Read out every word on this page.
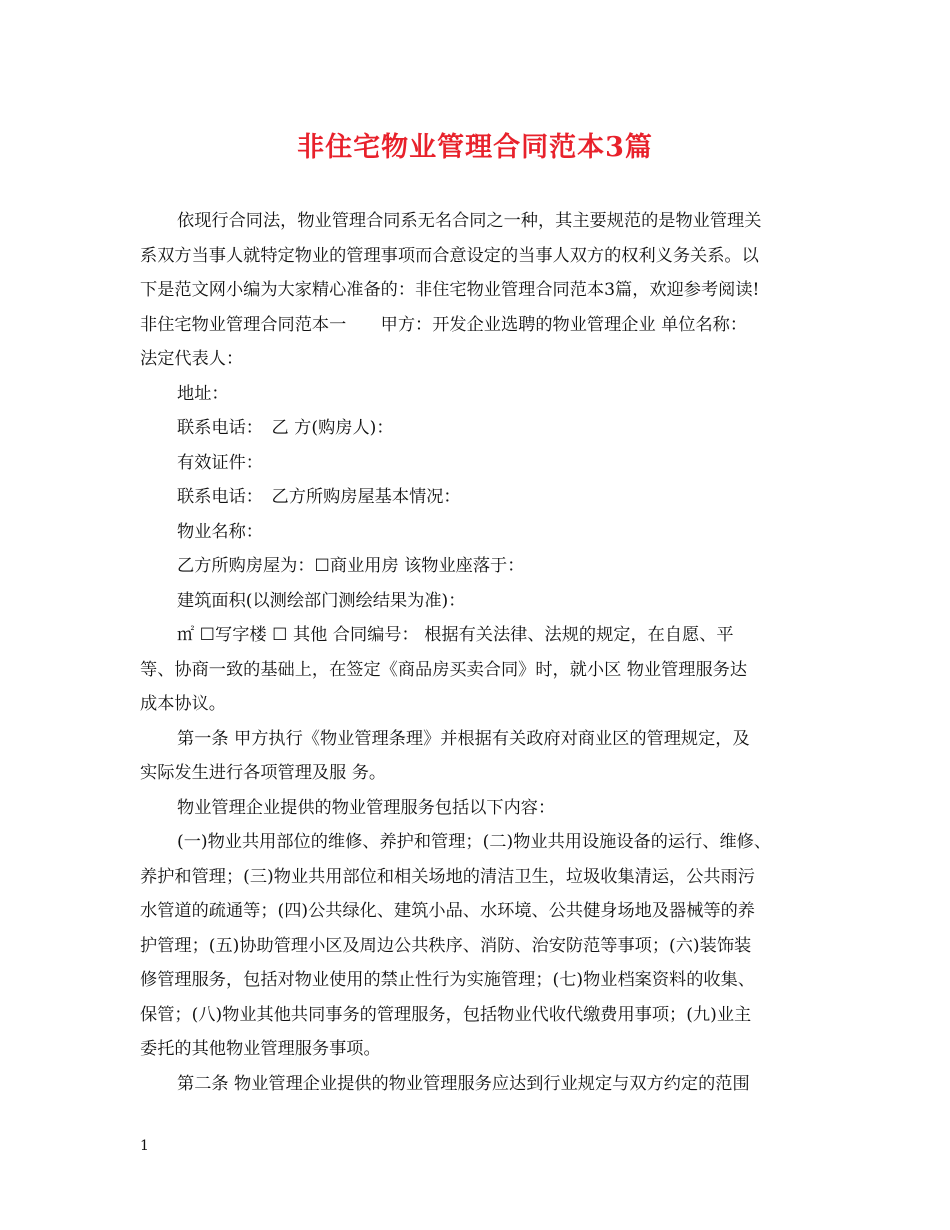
非住宅物业管理合同范本3篇
依现行合同法，物业管理合同系无名合同之一种，其主要规范的是物业管理关
系双方当事人就特定物业的管理事项而合意设定的当事人双方的权利义务关系。以
下是范文网小编为大家精心准备的：非住宅物业管理合同范本3篇，欢迎参考阅读!
非住宅物业管理合同范本一　　甲方：开发企业选聘的物业管理企业 单位名称：
法定代表人：
地址：
联系电话：　乙 方(购房人)：
有效证件：
联系电话：　乙方所购房屋基本情况：
物业名称：
乙方所购房屋为：☐商业用房 该物业座落于：
建筑面积(以测绘部门测绘结果为准)：
㎡ ☐写字楼 ☐ 其他 合同编号： 根据有关法律、法规的规定，在自愿、平
等、协商一致的基础上，在签定《商品房买卖合同》时，就小区 物业管理服务达
成本协议。
第一条 甲方执行《物业管理条理》并根据有关政府对商业区的管理规定，及
实际发生进行各项管理及服 务。
物业管理企业提供的物业管理服务包括以下内容：
(一)物业共用部位的维修、养护和管理；(二)物业共用设施设备的运行、维修、
养护和管理；(三)物业共用部位和相关场地的清洁卫生，垃圾收集清运，公共雨污
水管道的疏通等；(四)公共绿化、建筑小品、水环境、公共健身场地及器械等的养
护管理；(五)协助管理小区及周边公共秩序、消防、治安防范等事项；(六)装饰装
修管理服务，包括对物业使用的禁止性行为实施管理；(七)物业档案资料的收集、
保管；(八)物业其他共同事务的管理服务，包括物业代收代缴费用事项；(九)业主
委托的其他物业管理服务事项。
第二条 物业管理企业提供的物业管理服务应达到行业规定与双方约定的范围
1
